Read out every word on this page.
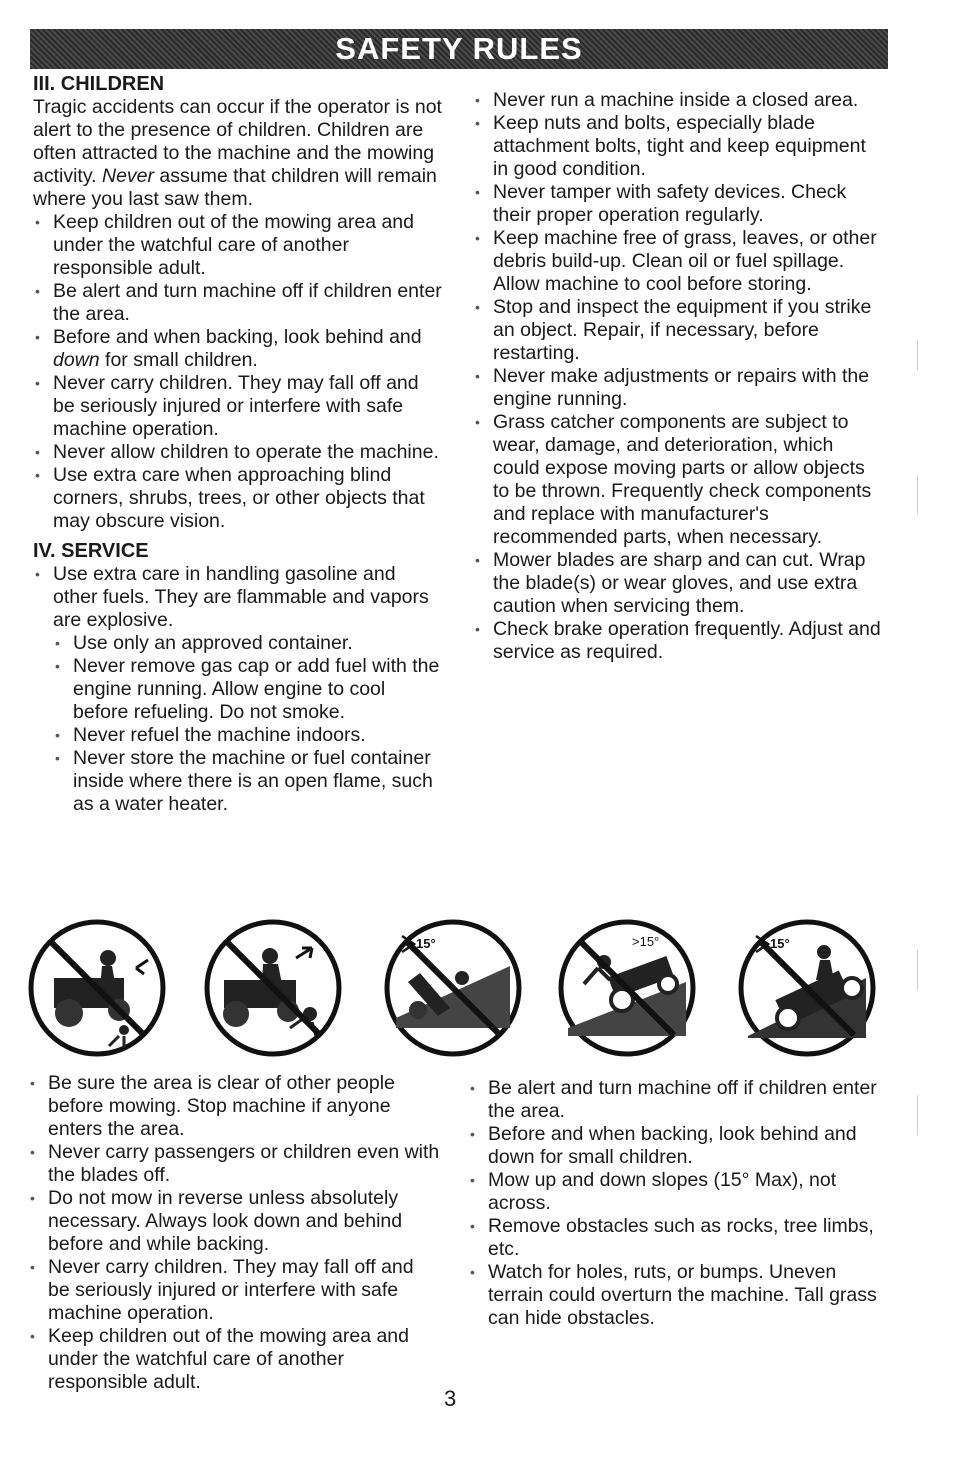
SAFETY RULES
III. CHILDREN

Tragic accidents can occur if the operator is not alert to the presence of children. Children are often attracted to the machine and the mowing activity. Never assume that children will remain where you last saw them.

• Keep children out of the mowing area and under the watchful care of another responsible adult.
• Be alert and turn machine off if children enter the area.
• Before and when backing, look behind and down for small children.
• Never carry children. They may fall off and be seriously injured or interfere with safe machine operation.
• Never allow children to operate the machine.
• Use extra care when approaching blind corners, shrubs, trees, or other objects that may obscure vision.
IV. SERVICE
• Use extra care in handling gasoline and other fuels. They are flammable and vapors are explosive.
• Use only an approved container.
• Never remove gas cap or add fuel with the engine running. Allow engine to cool before refueling. Do not smoke.
• Never refuel the machine indoors.
• Never store the machine or fuel container inside where there is an open flame, such as a water heater.
• Never run a machine inside a closed area.
• Keep nuts and bolts, especially blade attachment bolts, tight and keep equipment in good condition.
• Never tamper with safety devices. Check their proper operation regularly.
• Keep machine free of grass, leaves, or other debris build-up. Clean oil or fuel spillage. Allow machine to cool before storing.
• Stop and inspect the equipment if you strike an object. Repair, if necessary, before restarting.
• Never make adjustments or repairs with the engine running.
• Grass catcher components are subject to wear, damage, and deterioration, which could expose moving parts or allow objects to be thrown. Frequently check components and replace with manufacturer's recommended parts, when necessary.
• Mower blades are sharp and can cut. Wrap the blade(s) or wear gloves, and use extra caution when servicing them.
• Check brake operation frequently. Adjust and service as required.
15°	>15°	15°
• Be sure the area is clear of other people before mowing. Stop machine if anyone enters the area.
• Never carry passengers or children even with the blades off.
• Do not mow in reverse unless absolutely necessary. Always look down and behind before and while backing.
• Never carry children. They may fall off and be seriously injured or interfere with safe machine operation.
• Keep children out of the mowing area and under the watchful care of another responsible adult.
• Be alert and turn machine off if children enter the area.
• Before and when backing, look behind and down for small children.
• Mow up and down slopes (15° Max), not across.
• Remove obstacles such as rocks, tree limbs, etc.
• Watch for holes, ruts, or bumps. Uneven terrain could overturn the machine. Tall grass can hide obstacles.
3
